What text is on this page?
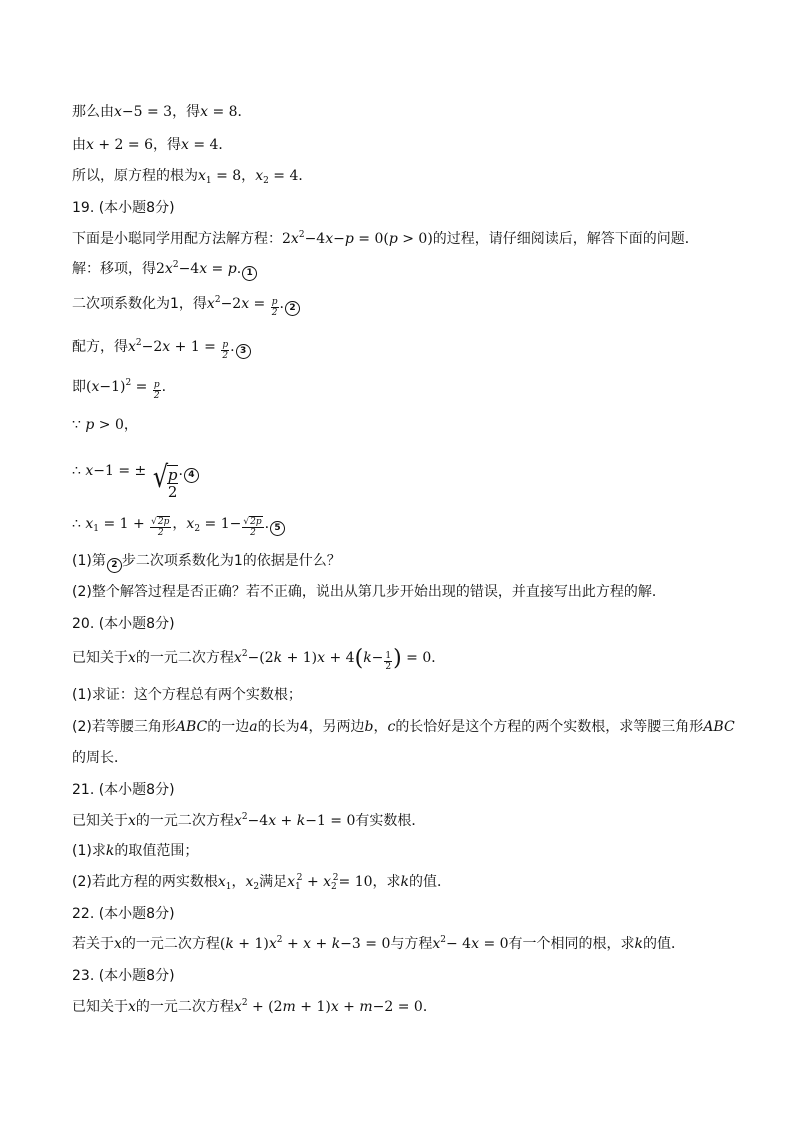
那么由x−5 = 3，得x = 8．
由x + 2 = 6，得x = 4．
所以，原方程的根为$x_1 = 8$，$x_2 = 4$．
19. (本小题8分)
下面是小聪同学用配方法解方程：$2x^2-4x-p = 0(p > 0)$的过程，请仔细阅读后，解答下面的问题．
解：移项，得$2x^2-4x = p$. 1
二次项系数化为1，得$x^2-2x = \frac{p}{2}$ . 2
配方，得$x^2-2x + 1 = \frac{p}{2}$ . 3
即$(x-1)^2 = \frac{p}{2}$ .
∵ p > 0，
∴ x−1 = ± √
$\frac{p}{2}$ . 4
∴ $x_1 = 1 + \frac{√2p}{2}$ ，$x_2 = 1- \frac{√2p}{2}$ . 5
(1)第 2 步二次项系数化为1的依据是什么？
(2)整个解答过程是否正确？若不正确，说出从第几步开始出现的错误，并直接写出此方程的解．
20. (本小题8分)
已知关于x的一元二次方程$x^2-(2k + 1)x + 4(k- \frac{1}{2}$ ) = 0．
(1)求证：这个方程总有两个实数根；
(2)若等腰三角形ABC的一边a的长为4，另两边b，c的长恰好是这个方程的两个实数根，求等腰三角形ABC
的周长．
21. (本小题8分)
已知关于x的一元二次方程$x^2-4x + k-1 = 0$有实数根．
(1)求k的取值范围；
(2)若此方程的两实数根$x_1$，$x_2$满足$x_1^2 + x_2^2= 10$，求k的值．
22. (本小题8分)
若关于x的一元二次方程$(k + 1)x^2 + x + k-3 = 0$与方程$x^2- 4x = 0$有一个相同的根，求k的值．
23. (本小题8分)
已知关于x的一元二次方程$x^2 + (2m + 1)x + m-2 = 0$．
